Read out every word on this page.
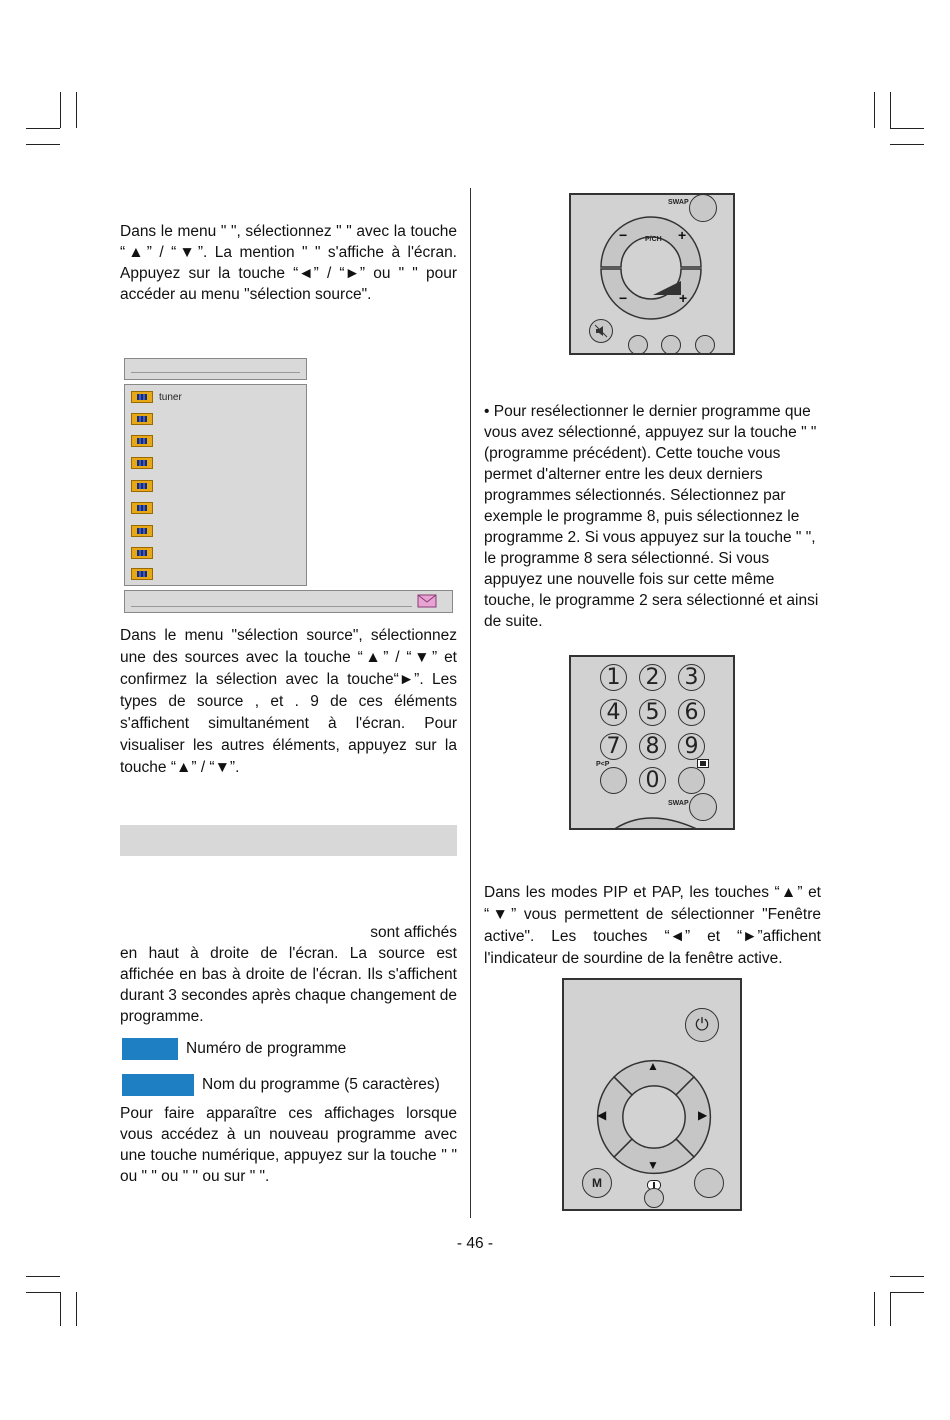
Dans le menu " ", sélectionnez " " avec la touche “▲” / “▼”. La mention " " s'affiche à l'écran. Appuyez sur la touche “◄” / “►” ou " " pour accéder au menu "sélection source".

tuner

Dans le menu "sélection source", sélectionnez une des sources avec la touche “▲” / “▼” et confirmez la sélection avec la touche“►”. Les types de source , et . 9 de ces éléments s'affichent simultanément à l'écran. Pour visualiser les autres éléments, appuyez sur la touche “▲” / “▼”.

sont affichés

en haut à droite de l'écran. La source est affichée en bas à droite de l'écran. Ils s'affichent durant 3 secondes après chaque changement de programme.

Numéro de programme

Nom du programme (5 caractères)

Pour faire apparaître ces affichages lorsque vous accédez à un nouveau programme avec une touche numérique, appuyez sur la touche " " ou " " ou " " ou sur " ".

SWAP
P/CH
−	+
−	+

• Pour resélectionner le dernier programme que vous avez sélectionné, appuyez sur la touche " " (programme précédent). Cette touche vous permet d'alterner entre les deux derniers programmes sélectionnés. Sélectionnez par exemple le programme 8, puis sélectionnez le programme 2. Si vous appuyez sur la touche " ", le programme 8 sera sélectionné. Si vous appuyez une nouvelle fois sur cette même touche, le programme 2 sera sélectionné et ainsi de suite.

1 2 3
4 5 6
7 8 9
P<P
0
SWAP

Dans les modes PIP et PAP, les touches “▲” et “▼” vous permettent de sélectionner "Fenêtre active". Les touches “◄” et “►”affichent l'indicateur de sourdine de la fenêtre active.

⏻
▲
▼
◀	▶
M
- 46 -
